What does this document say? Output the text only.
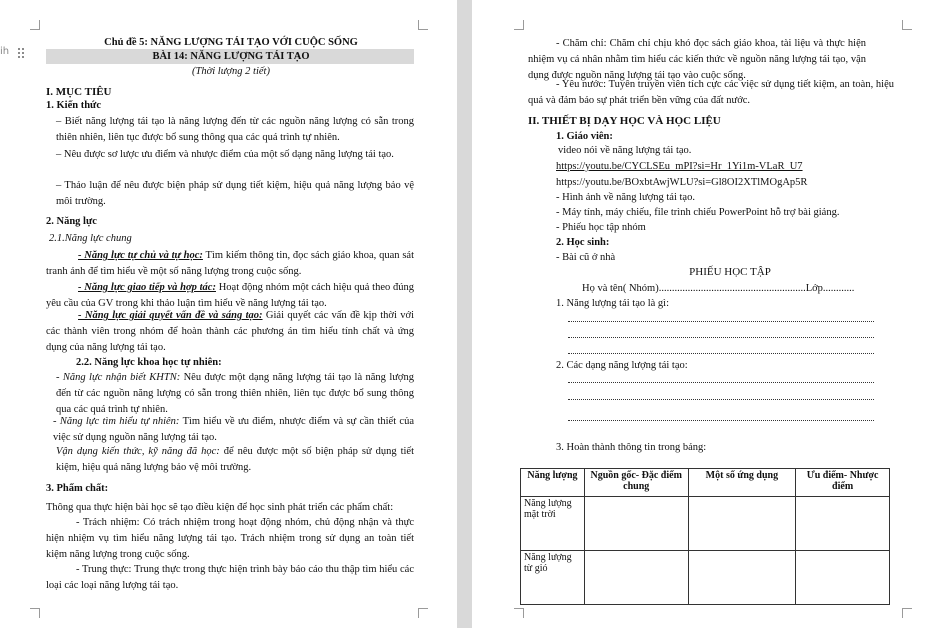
ih
Chủ đề 5: NĂNG LƯỢNG TÁI TẠO VỚI CUỘC SỐNG
BÀI 14: NĂNG LƯỢNG TÁI TẠO
(Thời lượng 2 tiết)
I. MỤC TIÊU
1. Kiến thức
– Biết năng lượng tái tạo là năng lượng đến từ các nguồn năng lượng có sẵn trong thiên nhiên, liên tục được bổ sung thông qua các quá trình tự nhiên.
– Nêu được sơ lược ưu điểm và nhược điểm của một số dạng năng lượng tái tạo.
– Thảo luận để nêu được biện pháp sử dụng tiết kiệm, hiệu quả năng lượng bảo vệ môi trường.
2. Năng lực
2.1.Năng lực chung
- Năng lực tự chủ và tự học: Tìm kiếm thông tin, đọc sách giáo khoa, quan sát tranh ảnh để tìm hiểu về một số năng lượng trong cuộc sống.
- Năng lực giao tiếp và hợp tác: Hoạt động nhóm một cách hiệu quả theo đúng yêu cầu của GV trong khi thảo luận tìm hiểu về năng lượng tái tạo.
- Năng lực giải quyết vấn đề và sáng tạo: Giải quyết các vấn đề kịp thời với các thành viên trong nhóm để hoàn thành các phương án tìm hiểu tính chất và ứng dụng của năng lượng tái tạo.
2.2. Năng lực khoa học tự nhiên:
- Năng lực nhận biết KHTN: Nêu được một dạng năng lượng tái tạo là năng lượng đến từ các nguồn năng lượng có sẵn trong thiên nhiên, liên tục được bổ sung thông qua các quá trình tự nhiên.
- Năng lực tìm hiểu tự nhiên: Tìm hiểu về ưu điểm, nhược điểm và sự cần thiết của việc sử dụng nguồn năng lượng tái tạo.
Vận dụng kiến thức, kỹ năng đã học: để nêu được một số biện pháp sử dụng tiết kiệm, hiệu quả năng lượng bảo vệ môi trường.
3. Phẩm chất:
Thông qua thực hiện bài học sẽ tạo điều kiện để học sinh phát triển các phẩm chất:
- Trách nhiệm: Có trách nhiệm trong hoạt động nhóm, chủ động nhận và thực hiện nhiệm vụ tìm hiểu năng lượng tái tạo. Trách nhiệm trong sử dụng an toàn tiết kiệm năng lượng trong cuộc sống.
- Trung thực: Trung thực trong thực hiện trình bày báo cáo thu thập tìm hiểu các loại các loại năng lượng tái tạo.
- Chăm chỉ: Chăm chỉ chịu khó đọc sách giáo khoa, tài liệu và thực hiện nhiệm vụ cá nhân nhằm tìm hiểu các kiến thức về nguồn năng lượng tái tạo, vận dụng được nguồn năng lượng tái tạo vào cuộc sống.
- Yêu nước: Tuyên truyền viên tích cực các việc sử dụng tiết kiệm, an toàn, hiệu quả và đảm bảo sự phát triển bền vững của đất nước.
II. THIẾT BỊ DẠY HỌC VÀ HỌC LIỆU
1. Giáo viên:
video nói về năng lượng tái tạo.
https://youtu.be/CYCLSEu_mPI?si=Hr_1Yi1m-VLaR_U7
https://youtu.be/BOxbtAwjWLU?si=Gl8OI2XTlMOgAp5R
- Hình ảnh về năng lượng tái tạo.
- Máy tính, máy chiếu, file trình chiếu PowerPoint hỗ trợ bài giảng.
- Phiếu học tập nhóm
2. Học sinh:
- Bài cũ ở nhà
PHIẾU HỌC TẬP
Họ và tên( Nhóm)........................................................Lớp............
1. Năng lượng tái tạo là gì:
2. Các dạng năng lượng tái tạo:
3. Hoàn thành thông tin trong bảng:
Năng lượng	Nguồn gốc- Đặc điểm chung	Một số ứng dụng	Ưu điểm- Nhược điểm
Năng lượng mặt trời			
Năng lượng từ gió			
